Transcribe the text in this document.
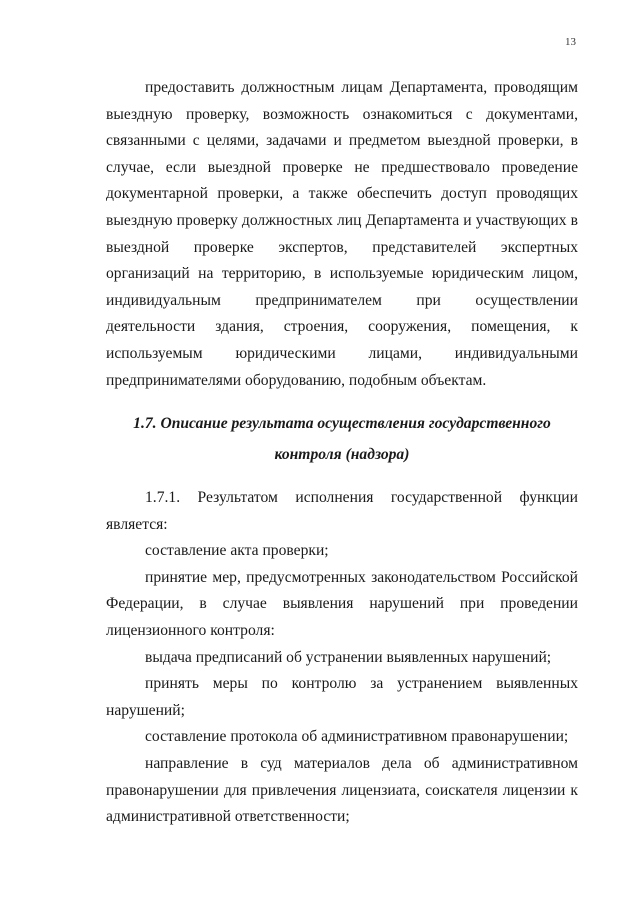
13

предоставить должностным лицам Департамента, проводящим выездную проверку, возможность ознакомиться с документами, связанными с целями, задачами и предметом выездной проверки, в случае, если выездной проверке не предшествовало проведение документарной проверки, а также обеспечить доступ проводящих выездную проверку должностных лиц Департамента и участвующих в выездной проверке экспертов, представителей экспертных организаций на территорию, в используемые юридическим лицом, индивидуальным предпринимателем при осуществлении деятельности здания, строения, сооружения, помещения, к используемым юридическими лицами, индивидуальными предпринимателями оборудованию, подобным объектам.

1.7. Описание результата осуществления государственного
контроля (надзора)

1.7.1. Результатом исполнения государственной функции является:

составление акта проверки;

принятие мер, предусмотренных законодательством Российской Федерации, в случае выявления нарушений при проведении лицензионного контроля:

выдача предписаний об устранении выявленных нарушений;

принять меры по контролю за устранением выявленных нарушений;

составление протокола об административном правонарушении;

направление в суд материалов дела об административном правонарушении для привлечения лицензиата, соискателя лицензии к административной ответственности;
